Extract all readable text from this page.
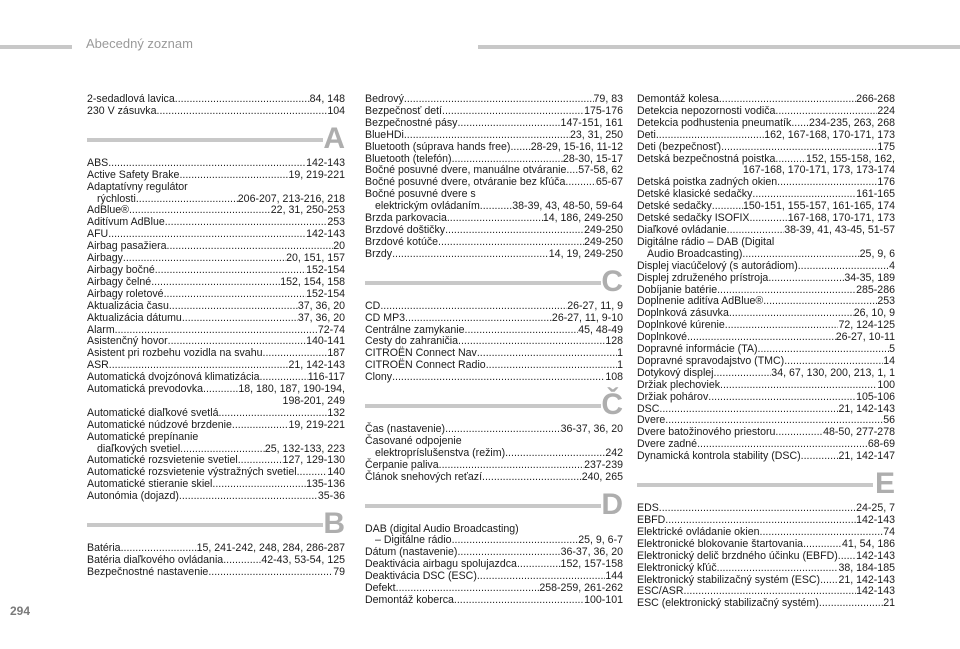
Abecedný zoznam
2-sedadlová lavica .....	84, 148
230 V zásuvka .....	104
A
ABS .....	142-143
Active Safety Brake .....	19, 219-221
Adaptatívny regulátor
rýchlosti .....	206-207, 213-216, 218
AdBlue® .....	22, 31, 250-253
Aditívum AdBlue .....	253
AFU .....	142-143
Airbag pasažiera .....	20
Airbagy .....	20, 151, 157
Airbagy bočné .....	152-154
Airbagy čelné .....	152, 154, 158
Airbagy roletové .....	152-154
Aktualizácia času .....	37, 36, 20
Aktualizácia dátumu .....	37, 36, 20
Alarm .....	72-74
Asistenčný hovor .....	140-141
Asistent pri rozbehu vozidla na svahu .....	187
ASR .....	21, 142-143
Automatická dvojzónová klimatizácia .....	116-117
Automatická prevodovka .....	18, 180, 187, 190-194,
198-201, 249
Automatické diaľkové svetlá .....	132
Automatické núdzové brzdenie .....	19, 219-221
Automatické prepínanie
diaľkových svetiel .....	25, 132-133, 223
Automatické rozsvietenie svetiel .....	127, 129-130
Automatické rozsvietenie výstražných svetiel .....	140
Automatické stieranie skiel .....	135-136
Autonómia (dojazd) .....	35-36
B
Batéria .....	15, 241-242, 248, 284, 286-287
Batéria diaľkového ovládania .....	42-43, 53-54, 125
Bezpečnostné nastavenie .....	79
Bedrový .....	79, 83
Bezpečnosť detí .....	175-176
Bezpečnostné pásy .....	147-151, 161
BlueHDi .....	23, 31, 250
Bluetooth (súprava hands free) ..... 28-29, 15-16, 11-12
Bluetooth (telefón) .....	28-30, 15-17
Bočné posuvné dvere, manuálne otváranie ..... 57-58, 62
Bočné posuvné dvere, otváranie bez kľúča .....	65-67
Bočné posuvné dvere s
elektrickým ovládaním .....	38-39, 43, 48-50, 59-64
Brzda parkovacia .....	14, 186, 249-250
Brzdové doštičky .....	249-250
Brzdové kotúče .....	249-250
Brzdy .....	14, 19, 249-250
C
CD .....	26-27, 11, 9
CD MP3 .....	26-27, 11, 9-10
Centrálne zamykanie .....	45, 48-49
Cesty do zahraničia .....	128
CITROËN Connect Nav .....	1
CITROËN Connect Radio .....	1
Clony .....	108
Č
Čas (nastavenie) .....	36-37, 36, 20
Časované odpojenie
elektropríslušenstva (režim) .....	242
Čerpanie paliva .....	237-239
Článok snehových reťazí .....	240, 265
D
DAB (digital Audio Broadcasting)
– Digitálne rádio .....	25, 9, 6-7
Dátum (nastavenie) .....	36-37, 36, 20
Deaktivácia airbagu spolujazdca .....	152, 157-158
Deaktivácia DSC (ESC) .....	144
Defekt .....	258-259, 261-262
Demontáž koberca .....	100-101
Demontáž kolesa .....	266-268
Detekcia nepozornosti vodiča .....	224
Detekcia podhustenia pneumatík ..... 234-235, 263, 268
Deti .....	162, 167-168, 170-171, 173
Deti (bezpečnosť) .....	175
Detská bezpečnostná poistka .....	152, 155-158, 162,
167-168, 170-171, 173, 173-174
Detská poistka zadných okien .....	176
Detské klasické sedačky .....	161-165
Detské sedačky .....	150-151, 155-157, 161-165, 174
Detské sedačky ISOFIX .....	167-168, 170-171, 173
Diaľkové ovládanie .....	38-39, 41, 43-45, 51-57
Digitálne rádio – DAB (Digital
Audio Broadcasting) .....	25, 9, 6
Displej viacúčelový (s autorádiom) .....	4
Displej združeného prístroja .....	34-35, 189
Dobíjanie batérie .....	285-286
Doplnenie aditíva AdBlue® .....	253
Doplnková zásuvka .....	26, 10, 9
Doplnkové kúrenie .....	72, 124-125
Doplnkové .....	26-27, 10-11
Dopravné informácie (TA) .....	5
Dopravné spravodajstvo (TMC) .....	14
Dotykový displej .....	34, 67, 130, 200, 213, 1, 1
Držiak plechoviek .....	100
Držiak pohárov .....	105-106
DSC .....	21, 142-143
Dvere .....	56
Dvere batožinového priestoru .....	48-50, 277-278
Dvere zadné .....	68-69
Dynamická kontrola stability (DSC) .....	21, 142-147
E
EDS .....	24-25, 7
EBFD .....	142-143
Elektrické ovládanie okien .....	74
Elektronické blokovanie štartovania .....	41, 54, 186
Elektronický delič brzdného účinku (EBFD) ..... 142-143
Elektronický kľúč .....	38, 184-185
Elektronický stabilizačný systém (ESC) ..... 21, 142-143
ESC/ASR .....	142-143
ESC (elektronický stabilizačný systém) .....	21
294
